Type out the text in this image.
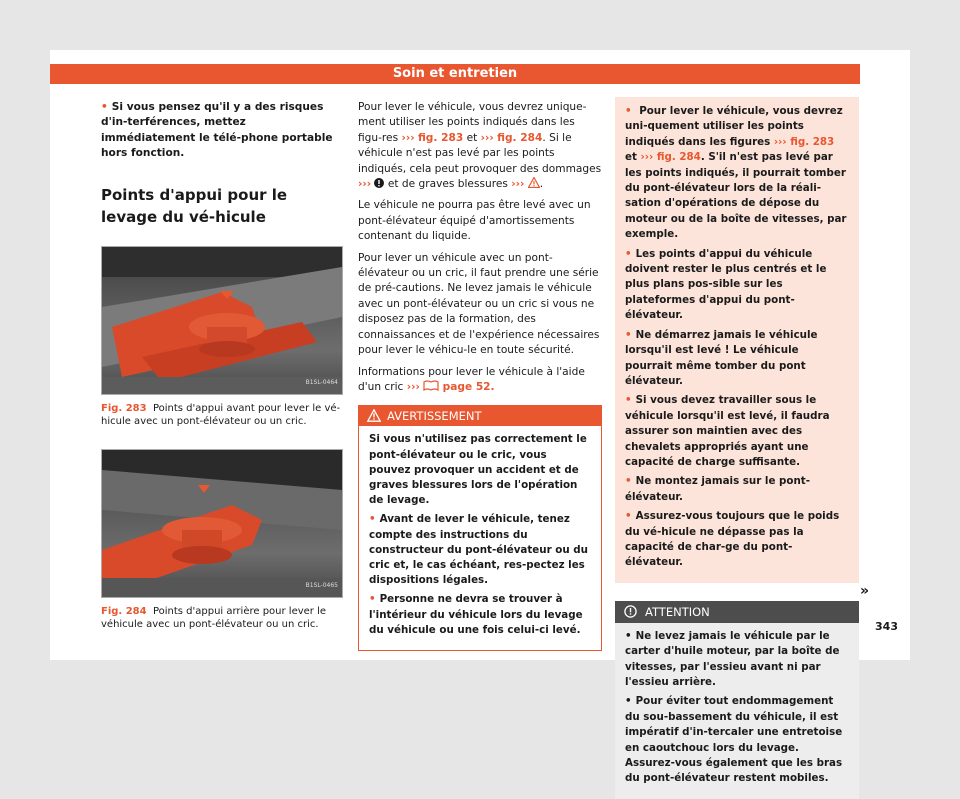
Soin et entretien

• Si vous pensez qu'il y a des risques d'in-terférences, mettez immédiatement le télé-phone portable hors fonction.

Points d'appui pour le levage du vé-hicule
B1SL-0464
Fig. 283 Points d'appui avant pour lever le vé-hicule avec un pont-élévateur ou un cric.
B1SL-0465
Fig. 284 Points d'appui arrière pour lever le véhicule avec un pont-élévateur ou un cric.

Pour lever le véhicule, vous devrez unique-ment utiliser les points indiqués dans les figu-res ››› fig. 283 et ››› fig. 284. Si le véhicule n'est pas levé par les points indiqués, cela peut provoquer des dommages ››› et de graves blessures ››› .

Le véhicule ne pourra pas être levé avec un pont-élévateur équipé d'amortissements contenant du liquide.

Pour lever un véhicule avec un pont-élévateur ou un cric, il faut prendre une série de pré-cautions. Ne levez jamais le véhicule avec un pont-élévateur ou un cric si vous ne disposez pas de la formation, des connaissances et de l'expérience nécessaires pour lever le véhicu-le en toute sécurité.

Informations pour lever le véhicule à l'aide d'un cric ››› page 52.

AVERTISSEMENT

Si vous n'utilisez pas correctement le pont-élévateur ou le cric, vous pouvez provoquer un accident et de graves blessures lors de l'opération de levage.

• Avant de lever le véhicule, tenez compte des instructions du constructeur du pont-élévateur ou du cric et, le cas échéant, res-pectez les dispositions légales.

• Personne ne devra se trouver à l'intérieur du véhicule lors du levage du véhicule ou une fois celui-ci levé.

• Pour lever le véhicule, vous devrez uni-quement utiliser les points indiqués dans les figures ››› fig. 283 et ››› fig. 284. S'il n'est pas levé par les points indiqués, il pourrait tomber du pont-élévateur lors de la réali-sation d'opérations de dépose du moteur ou de la boîte de vitesses, par exemple.

• Les points d'appui du véhicule doivent rester le plus centrés et le plus plans pos-sible sur les plateformes d'appui du pont-élévateur.

• Ne démarrez jamais le véhicule lorsqu'il est levé ! Le véhicule pourrait même tomber du pont élévateur.

• Si vous devez travailler sous le véhicule lorsqu'il est levé, il faudra assurer son maintien avec des chevalets appropriés ayant une capacité de charge suffisante.

• Ne montez jamais sur le pont-élévateur.

• Assurez-vous toujours que le poids du vé-hicule ne dépasse pas la capacité de char-ge du pont-élévateur.

ATTENTION

• Ne levez jamais le véhicule par le carter d'huile moteur, par la boîte de vitesses, par l'essieu avant ni par l'essieu arrière.

• Pour éviter tout endommagement du sou-bassement du véhicule, il est impératif d'in-tercaler une entretoise en caoutchouc lors du levage. Assurez-vous également que les bras du pont-élévateur restent mobiles.

»
343
